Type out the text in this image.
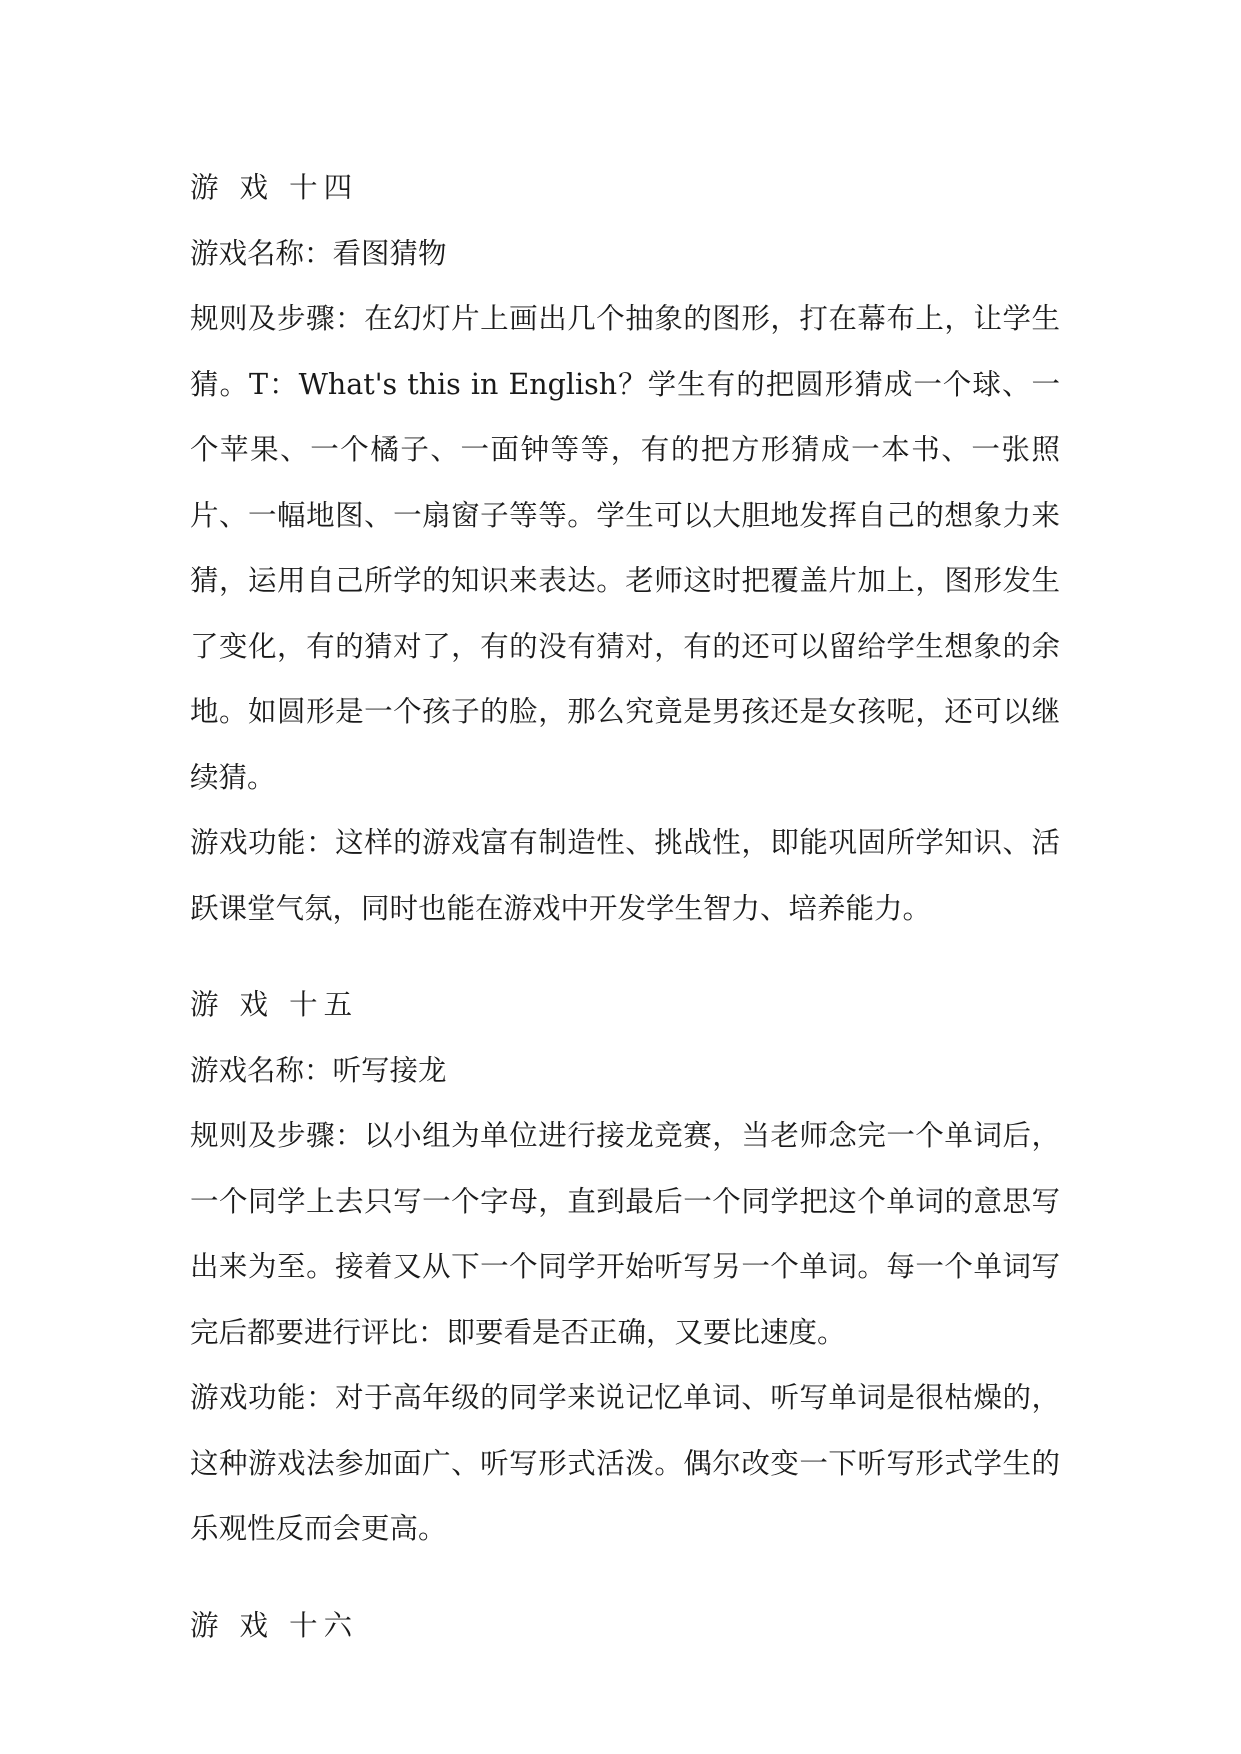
游 戏 十四
游戏名称：看图猜物
规则及步骤：在幻灯片上画出几个抽象的图形，打在幕布上，让学生猜。T：What's this in English？学生有的把圆形猜成一个球、一个苹果、一个橘子、一面钟等等，有的把方形猜成一本书、一张照片、一幅地图、一扇窗子等等。学生可以大胆地发挥自己的想象力来猜，运用自己所学的知识来表达。老师这时把覆盖片加上，图形发生了变化，有的猜对了，有的没有猜对，有的还可以留给学生想象的余地。如圆形是一个孩子的脸，那么究竟是男孩还是女孩呢，还可以继续猜。
游戏功能：这样的游戏富有制造性、挑战性，即能巩固所学知识、活跃课堂气氛，同时也能在游戏中开发学生智力、培养能力。
游 戏 十五
游戏名称：听写接龙
规则及步骤：以小组为单位进行接龙竞赛，当老师念完一个单词后，一个同学上去只写一个字母，直到最后一个同学把这个单词的意思写出来为至。接着又从下一个同学开始听写另一个单词。每一个单词写完后都要进行评比：即要看是否正确，又要比速度。
游戏功能：对于高年级的同学来说记忆单词、听写单词是很枯燥的，这种游戏法参加面广、听写形式活泼。偶尔改变一下听写形式学生的乐观性反而会更高。
游 戏 十六
